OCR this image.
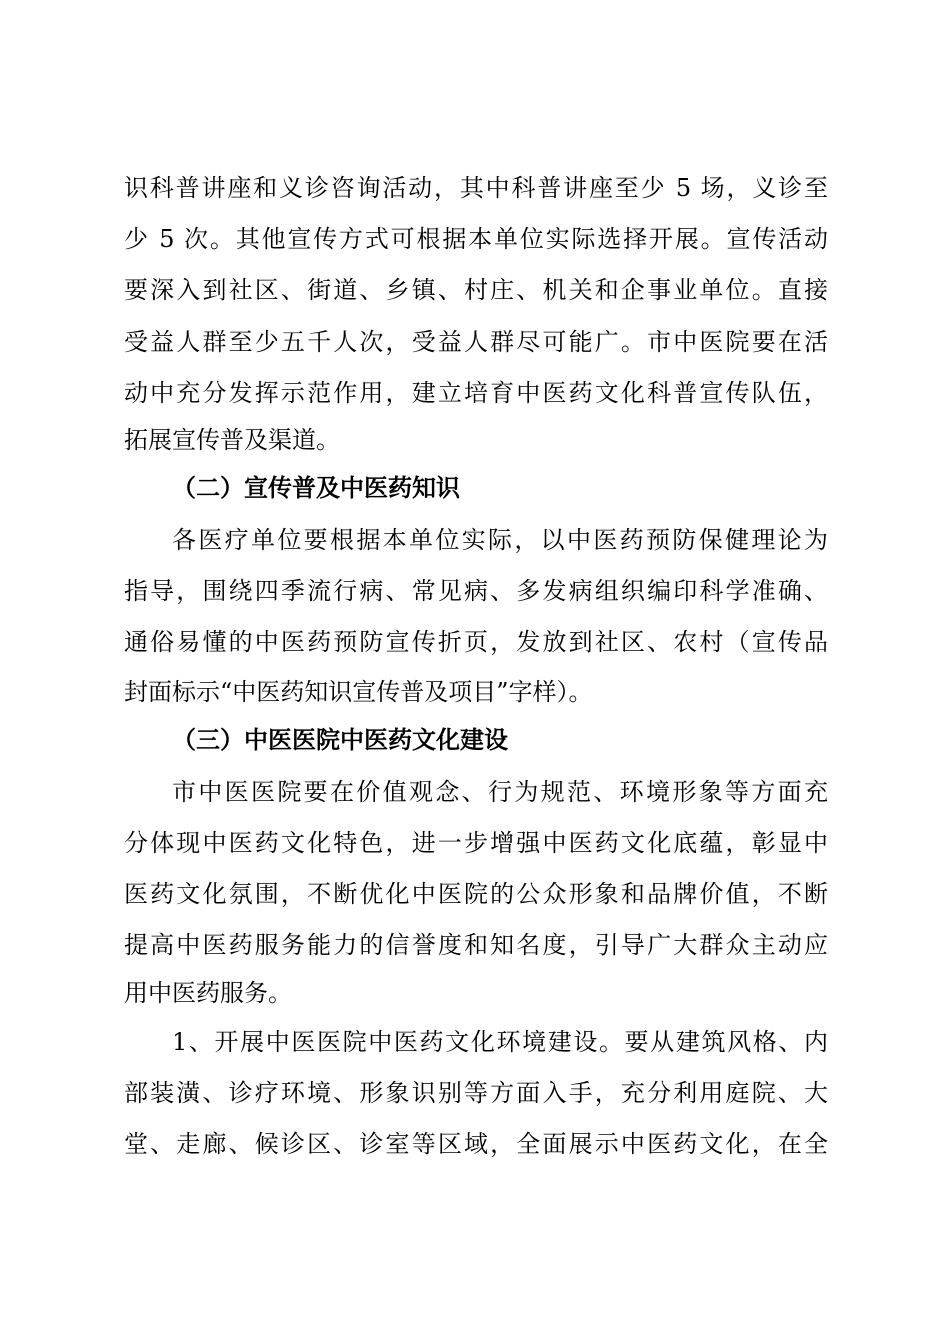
识科普讲座和义诊咨询活动，其中科普讲座至少 5 场，义诊至
少 5 次。其他宣传方式可根据本单位实际选择开展。宣传活动
要深入到社区、街道、乡镇、村庄、机关和企事业单位。直接
受益人群至少五千人次，受益人群尽可能广。市中医院要在活
动中充分发挥示范作用，建立培育中医药文化科普宣传队伍，
拓展宣传普及渠道。
（二）宣传普及中医药知识
各医疗单位要根据本单位实际，以中医药预防保健理论为
指导，围绕四季流行病、常见病、多发病组织编印科学准确、
通俗易懂的中医药预防宣传折页，发放到社区、农村（宣传品
封面标示“中医药知识宣传普及项目”字样）。
（三）中医医院中医药文化建设
市中医医院要在价值观念、行为规范、环境形象等方面充
分体现中医药文化特色，进一步增强中医药文化底蕴，彰显中
医药文化氛围，不断优化中医院的公众形象和品牌价值，不断
提高中医药服务能力的信誉度和知名度，引导广大群众主动应
用中医药服务。
1、开展中医医院中医药文化环境建设。要从建筑风格、内
部装潢、诊疗环境、形象识别等方面入手，充分利用庭院、大
堂、走廊、候诊区、诊室等区域，全面展示中医药文化，在全
